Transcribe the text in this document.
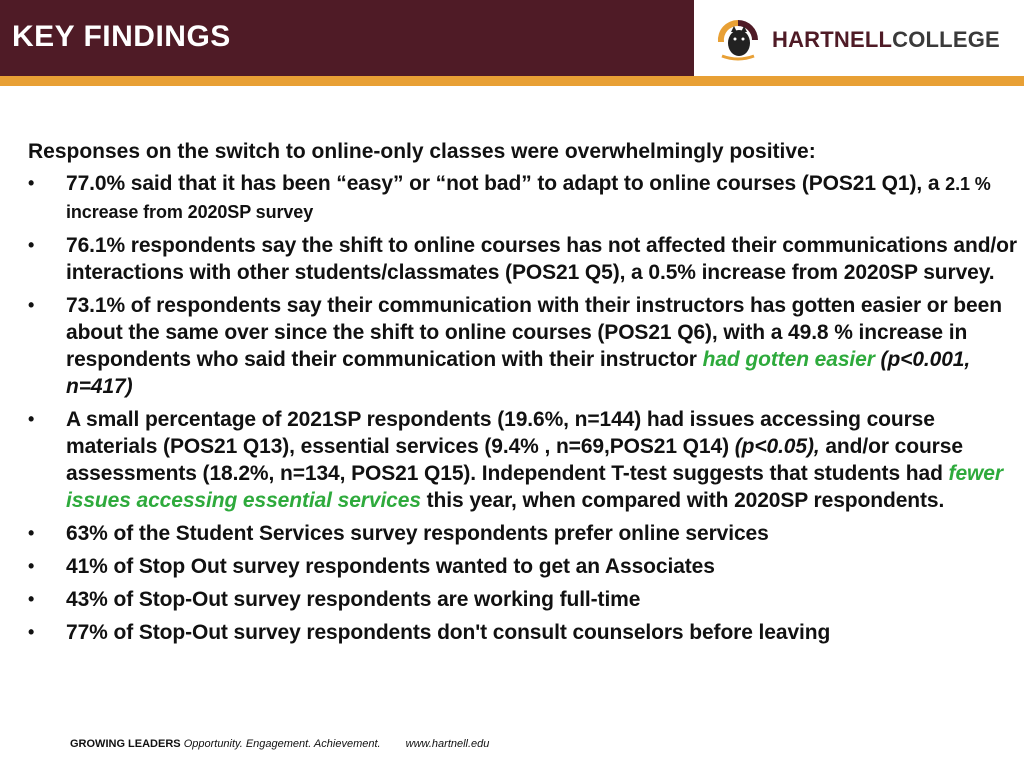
KEY FINDINGS	HARTNELLCOLLEGE
Responses on the switch to online-only classes were overwhelmingly positive:
• 77.0% said that it has been “easy” or “not bad” to adapt to online courses (POS21 Q1), a 2.1 % increase from 2020SP survey
• 76.1% respondents say the shift to online courses has not affected their communications and/or interactions with other students/classmates (POS21 Q5), a 0.5% increase from 2020SP survey.
• 73.1% of respondents say their communication with their instructors has gotten easier or been about the same over since the shift to online courses (POS21 Q6), with a 49.8 % increase in respondents who said their communication with their instructor had gotten easier (p<0.001, n=417)
• A small percentage of 2021SP respondents (19.6%, n=144) had issues accessing course materials (POS21 Q13), essential services (9.4% , n=69,POS21 Q14) (p<0.05), and/or course assessments (18.2%, n=134, POS21 Q15). Independent T-test suggests that students had fewer issues accessing essential services this year, when compared with 2020SP respondents.
• 63% of the Student Services survey respondents prefer online services
• 41% of Stop Out survey respondents wanted to get an Associates
• 43% of Stop-Out survey respondents are working full-time
• 77% of Stop-Out survey respondents don't consult counselors before leaving
GROWING LEADERS Opportunity. Engagement. Achievement. www.hartnell.edu
